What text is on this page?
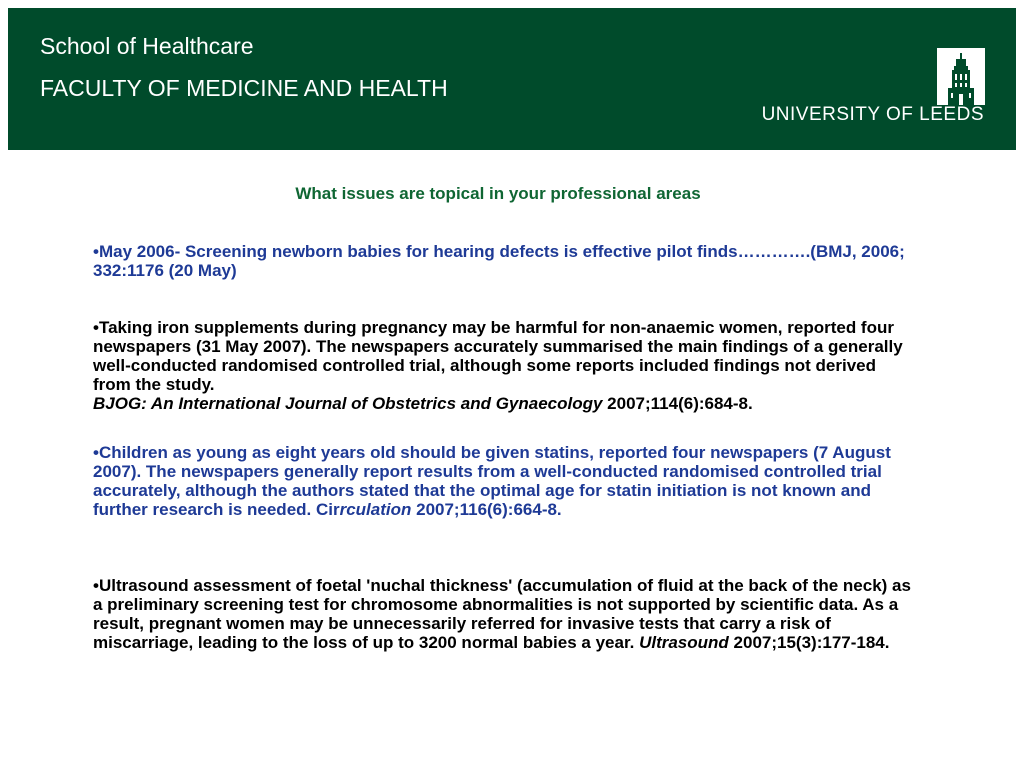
School of Healthcare
FACULTY OF MEDICINE AND HEALTH
UNIVERSITY OF LEEDS
What issues are topical in your professional areas

•May 2006- Screening newborn babies for hearing defects is effective pilot finds………….(BMJ, 2006; 332:1176 (20 May)

•Taking iron supplements during pregnancy may be harmful for non-anaemic women, reported four newspapers (31 May 2007). The newspapers accurately summarised the main findings of a generally well-conducted randomised controlled trial, although some reports included findings not derived from the study.
BJOG: An International Journal of Obstetrics and Gynaecology 2007;114(6):684-8.

•Children as young as eight years old should be given statins, reported four newspapers (7 August 2007). The newspapers generally report results from a well-conducted randomised controlled trial accurately, although the authors stated that the optimal age for statin initiation is not known and further research is needed. Cirrculation 2007;116(6):664-8.

•Ultrasound assessment of foetal 'nuchal thickness' (accumulation of fluid at the back of the neck) as a preliminary screening test for chromosome abnormalities is not supported by scientific data. As a result, pregnant women may be unnecessarily referred for invasive tests that carry a risk of miscarriage, leading to the loss of up to 3200 normal babies a year. Ultrasound 2007;15(3):177-184.
